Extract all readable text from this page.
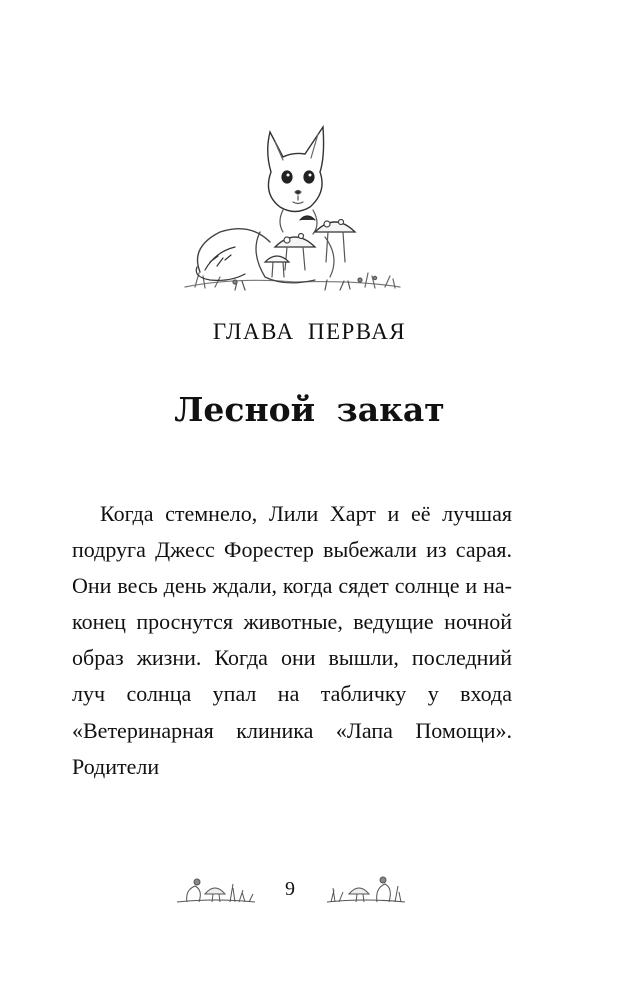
ГЛАВА ПЕРВАЯ
Лесной закат

Когда стемнело, Лили Харт и её лучшая подруга Джесс Форестер выбежали из сарая. Они весь день ждали, когда сядет солнце и на-конец проснутся животные, ведущие ночной образ жизни. Когда они вышли, последний луч солнца упал на табличку у входа «Ветеринарная клиника «Лапа Помощи». Родители

9
